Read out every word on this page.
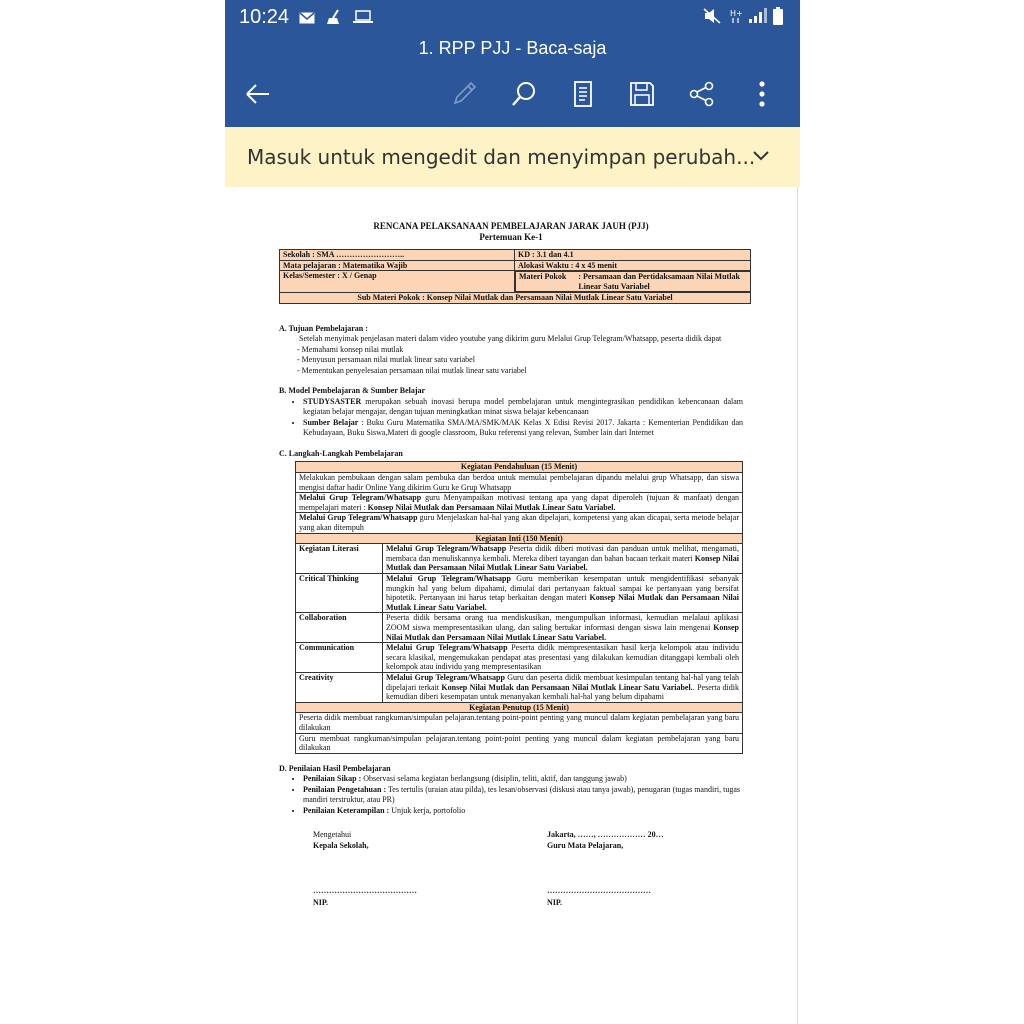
10:24	H+
1. RPP PJJ - Baca-saja
Masuk untuk mengedit dan menyimpan perubah...
RENCANA PELAKSANAAN PEMBELAJARAN JARAK JAUH (PJJ)
Pertemuan Ke-1
Sekolah : SMA ……………………..	KD : 3.1 dan 4.1
Mata pelajaran : Matematika Wajib	Alokasi Waktu : 4 x 45 menit
Kelas/Semester : X / Genap		Materi Pokok	: Persamaan dan Pertidaksamaan Nilai Mutlak Linear Satu Variabel

Sub Materi Pokok : Konsep Nilai Mutlak dan Persamaan Nilai Mutlak Linear Satu Variabel	
A. Tujuan Pembelajaran :
Setelah menyimak penjelasan materi dalam video youtube yang dikirim guru Melalui Grup Telegram/Whatsapp, peserta didik dapat
- Memahami konsep nilai mutlak
- Menyusun persamaan nilai mutlak linear satu variabel
- Mementukan penyelesaian persamaan nilai mutlak linear satu variabel
B. Model Pembelajaran & Sumber Belajar
• STUDYSASTER merupakan sebuah inovasi berupa model pembelajaran untuk mengintegrasikan pendidikan kebencanaan dalam kegiatan belajar mengajar, dengan tujuan meningkatkan minat siswa belajar kebencanaan
• Sumber Belajar : Buku Guru Matematika SMA/MA/SMK/MAK Kelas X Edisi Revisi 2017. Jakarta : Kementerian Pendidikan dan Kebudayaan, Buku Siswa,Materi di google classroom, Buku referensi yang relevan, Sumber lain dari Internet
C. Langkah-Langkah Pembelajaran
Kegiatan Pendahuluan (15 Menit)	
Melakukan pembukaan dengan salam pembuka dan berdoa untuk memulai pembelajaran dipandu melalui grup Whatsapp, dan siswa mengisi daftar hadir Online Yang dikirim Guru ke Grup Whatsapp	
Melalui Grup Telegram/Whatsapp guru Menyampaikan motivasi tentang apa yang dapat diperoleh (tujuan & manfaat) dengan mempelajari materi : Konsep Nilai Mutlak dan Persamaan Nilai Mutlak Linear Satu Variabel.	
Melalui Grup Telegram/Whatsapp guru Menjelaskan hal-hal yang akan dipelajari, kompetensi yang akan dicapai, serta metode belajar yang akan ditempuh	
Kegiatan Inti (150 Menit)	
Kegiatan Literasi	Melalui Grup Telegram/Whatsapp Peserta didik diberi motivasi dan panduan untuk melihat, mengamati, membaca dan menuliskannya kembali. Mereka diberi tayangan dan bahan bacaan terkait materi Konsep Nilai Mutlak dan Persamaan Nilai Mutlak Linear Satu Variabel.
Critical Thinking	Melalui Grup Telegram/Whatsapp Guru memberikan kesempatan untuk mengidentifikasi sebanyak mungkin hal yang belum dipahami, dimulai dari pertanyaan faktual sampai ke pertanyaan yang bersifat hipotetik. Pertanyaan ini harus tetap berkaitan dengan materi Konsep Nilai Mutlak dan Persamaan Nilai Mutlak Linear Satu Variabel.
Collaboration	Peserta didik bersama orang tua mendiskusikan, mengumpulkan informasi, kemudian melalaui aplikasi ZOOM siswa mempresentasikan ulang, dan saling bertukar informasi dengan siswa lain mengenai Konsep Nilai Mutlak dan Persamaan Nilai Mutlak Linear Satu Variabel.
Communication	Melalui Grup Telegram/Whatsapp Peserta didik mempresentasikan hasil kerja kelompok atau individu secara klasikal, mengemukakan pendapat atas presentasi yang dilakukan kemudian ditanggapi kembali oleh kelompok atau individu yang mempresentasikan
Creativity	Melalui Grup Telegram/Whatsapp Guru dan peserta didik membuat kesimpulan tentang hal-hal yang telah dipelajari terkait Konsep Nilai Mutlak dan Persamaan Nilai Mutlak Linear Satu Variabel.. Peserta didik kemudian diberi kesempatan untuk menanyakan kembali hal-hal yang belum dipahami
Kegiatan Penutup (15 Menit)	
Peserta didik membuat rangkuman/simpulan pelajaran.tentang point-point penting yang muncul dalam kegiatan pembelajaran yang baru dilakukan	
Guru membuat rangkuman/simpulan pelajaran.tentang point-point penting yang muncul dalam kegiatan pembelajaran yang baru dilakukan	
D. Penilaian Hasil Pembelajaran
• Penilaian Sikap : Observasi selama kegiatan berlangsung (disiplin, teliti, aktif, dan tanggung jawab)
• Penilaian Pengetahuan : Tes tertulis (uraian atau pilda), tes lesan/observasi (diskusi atau tanya jawab), penugaran (tugas mandiri, tugas mandiri terstruktur, atau PR)
• Penilaian Keterampilan : Unjuk kerja, portofolio
Mengetahui
Kepala Sekolah,
Jakarta, ……, ……………… 20…
Guru Mata Pelajaran,
…………………………………	…………………………………
NIP.	NIP.
